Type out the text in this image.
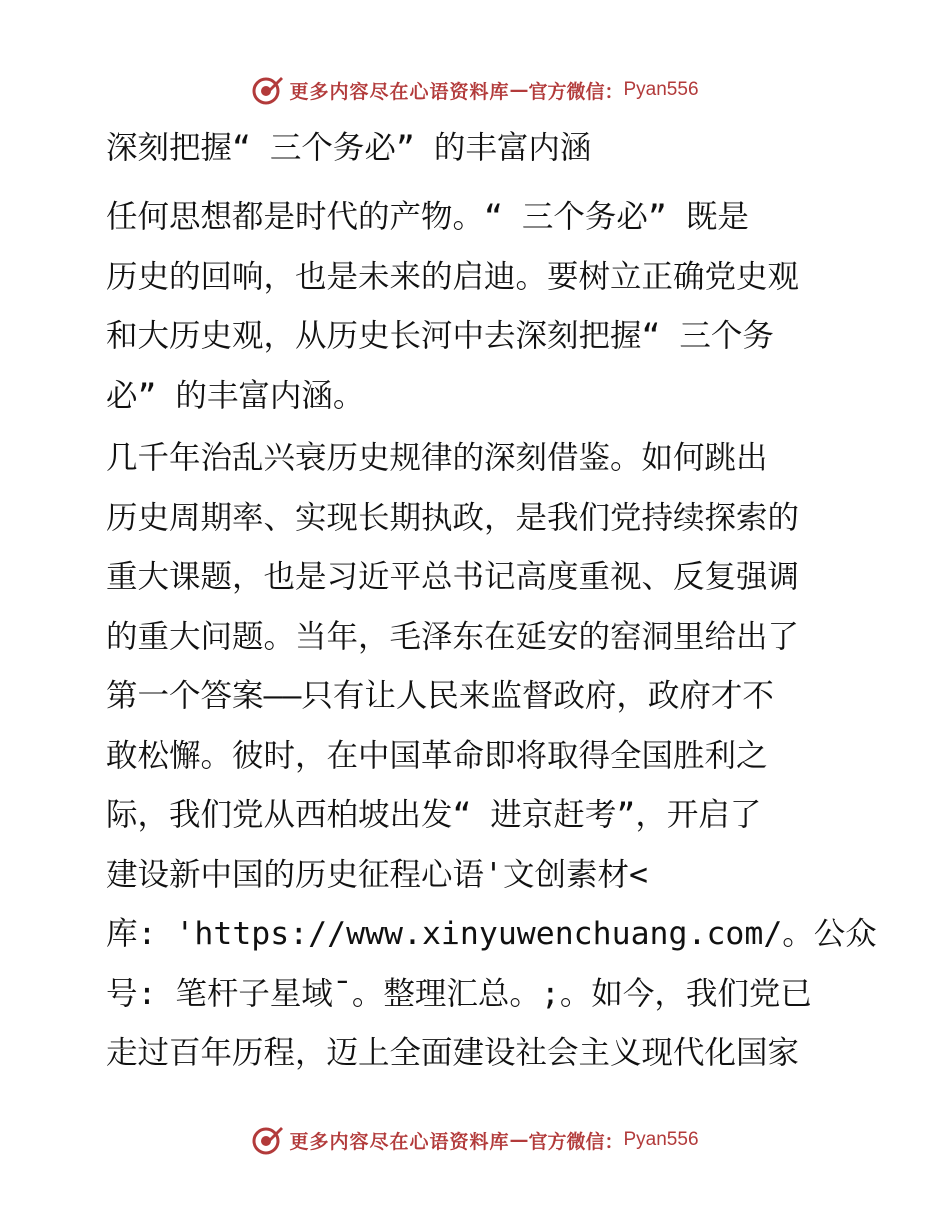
更多内容尽在心语资料库 — 官方微信： Pyan556
深刻把握“ 三个务必” 的丰富内涵
任何思想都是时代的产物。“ 三个务必” 既是
历史的回响，也是未来的启迪。要树立正确党史观
和大历史观，从历史长河中去深刻把握“ 三个务
必” 的丰富内涵。
几千年治乱兴衰历史规律的深刻借鉴。如何跳出
历史周期率、实现长期执政，是我们党持续探索的
重大课题，也是习近平总书记高度重视、反复强调
的重大问题。当年，毛泽东在延安的窑洞里给出了
第一个答案——只有让人民来监督政府，政府才不
敢松懈。彼时，在中国革命即将取得全国胜利之
际，我们党从西柏坡出发“ 进京赶考”，开启了
建设新中国的历史征程心语'文创素材<
库: 'https://www.xinyuwenchuang.com/。公众
号: 笔杆子星域¯。整理汇总。;。如今，我们党已
走过百年历程，迈上全面建设社会主义现代化国家
更多内容尽在心语资料库 — 官方微信： Pyan556
